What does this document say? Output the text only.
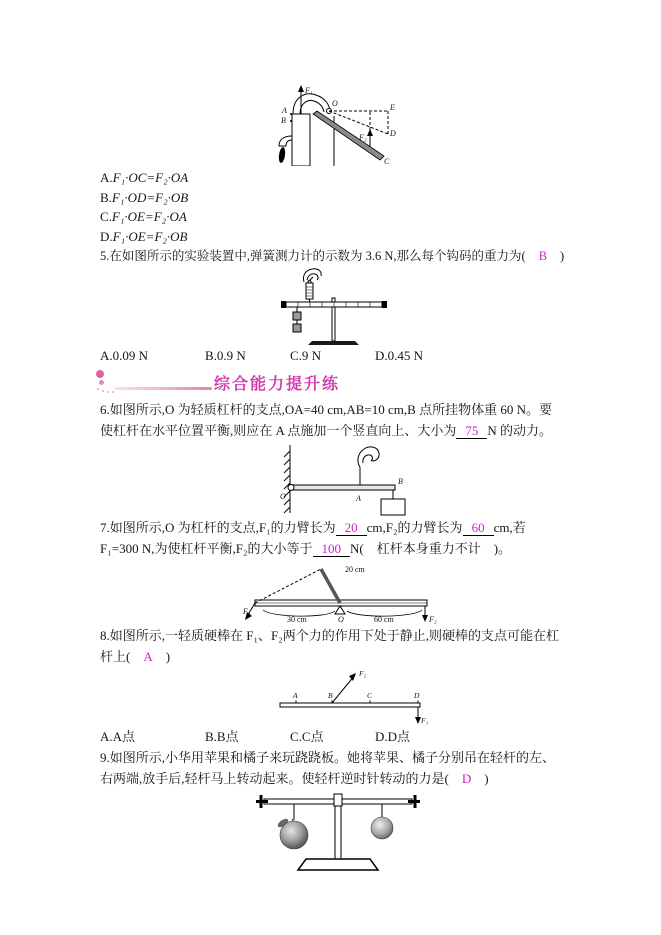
F₁
A
B
O	E
D
F₂
C

A.F₁·OC=F₂·OA

B.F₁·OD=F₂·OB

C.F₁·OE=F₂·OA

D.F₁·OE=F₂·OB

5.在如图所示的实验装置中,弹簧测力计的示数为 3.6 N,那么每个钩码的重力为( B )

A.0.09 N	B.0.9 N	C.9 N	D.0.45 N
综合能力提升练

6.如图所示,O 为轻质杠杆的支点,OA=40 cm,AB=10 cm,B 点所挂物体重 60 N。要使杠杆在水平位置平衡,则应在 A 点施加一个竖直向上、大小为 75 N 的动力。

O	A
B

7.如图所示,O 为杠杆的支点,F₁的力臂长为 20 cm,F₂的力臂长为 60 cm,若 F₁=300 N,为使杠杆平衡,F₂的大小等于 100 N(　杠杆本身重力不计　)。

O
20 cm
F₁
30 cm	60 cm	F₂

8.如图所示,一轻质硬棒在 F₁、F₂两个力的作用下处于静止,则硬棒的支点可能在杠杆上( A )

A	B	C	D
F₂
F₁
A.A点	B.B点	C.C点	D.D点

9.如图所示,小华用苹果和橘子来玩跷跷板。她将苹果、橘子分别吊在轻杆的左、右两端,放手后,轻杆马上转动起来。使轻杆逆时针转动的力是( D )
